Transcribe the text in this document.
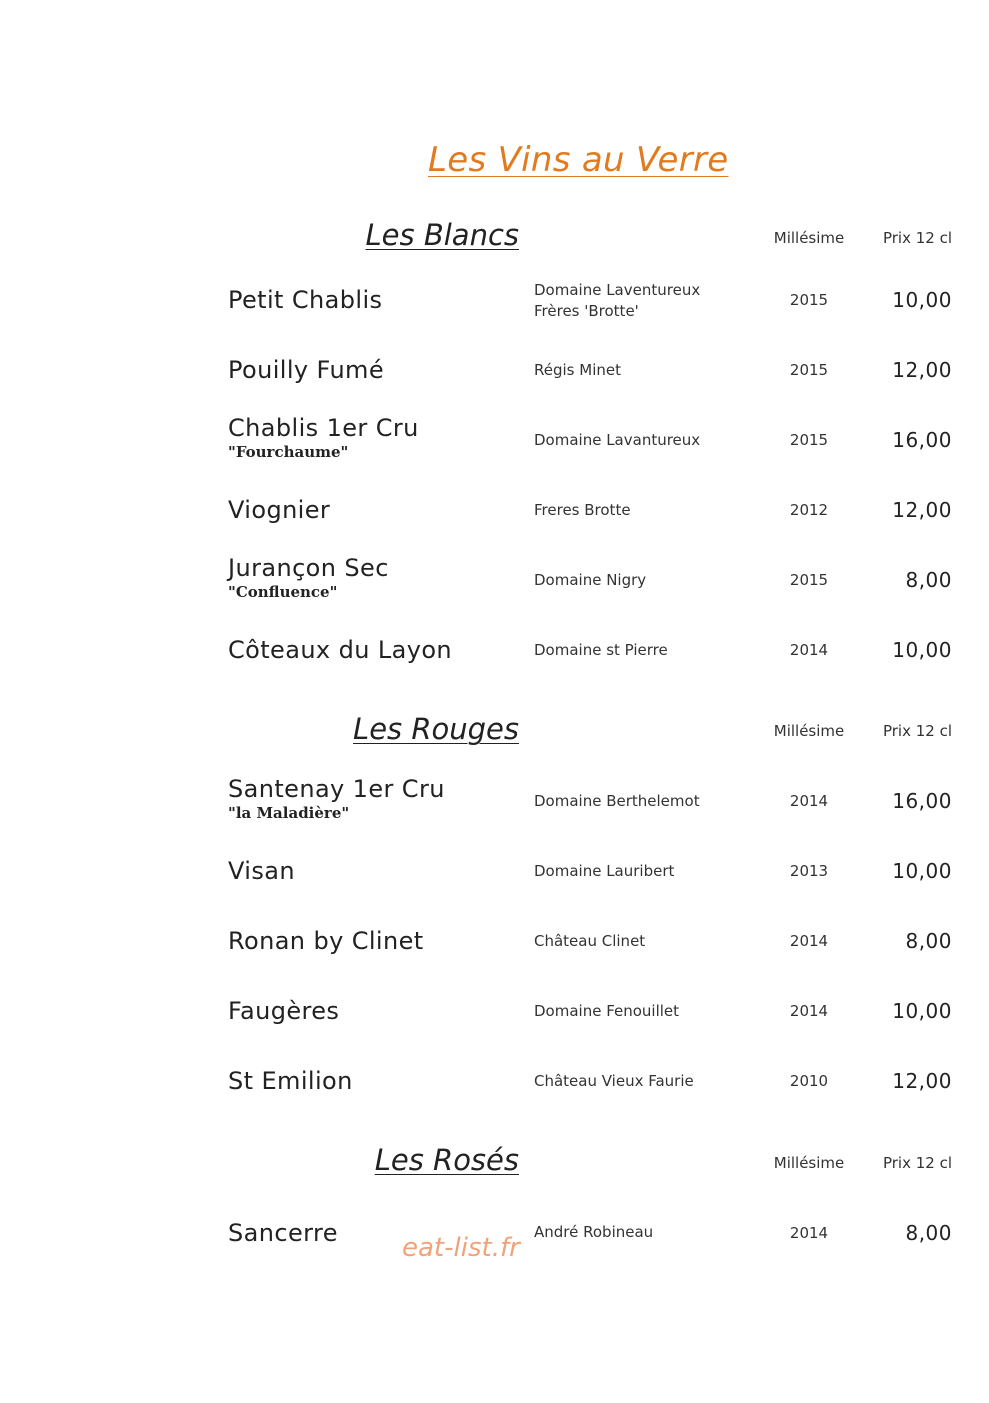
Les Vins au Verre
Les Blancs	Millésime	Prix 12 cl
Petit Chablis	Domaine Laventureux
Frères 'Brotte'
2015	10,00
Pouilly Fumé	Régis Minet	2015	12,00
Chablis 1er Cru
"Fourchaume"
Domaine Lavantureux	2015	16,00
Viognier	Freres Brotte	2012	12,00
Jurançon Sec
"Confluence"
Domaine Nigry	2015	8,00
Côteaux du Layon	Domaine st Pierre	2014	10,00
Les Rouges	Millésime	Prix 12 cl
Santenay 1er Cru
"la Maladière"
Domaine Berthelemot	2014	16,00
Visan	Domaine Lauribert	2013	10,00
Ronan by Clinet	Château Clinet	2014	8,00
Faugères	Domaine Fenouillet	2014	10,00
St Emilion	Château Vieux Faurie	2010	12,00
Les Rosés	Millésime	Prix 12 cl
Sancerre	André Robineau	2014	8,00
eat-list.fr
